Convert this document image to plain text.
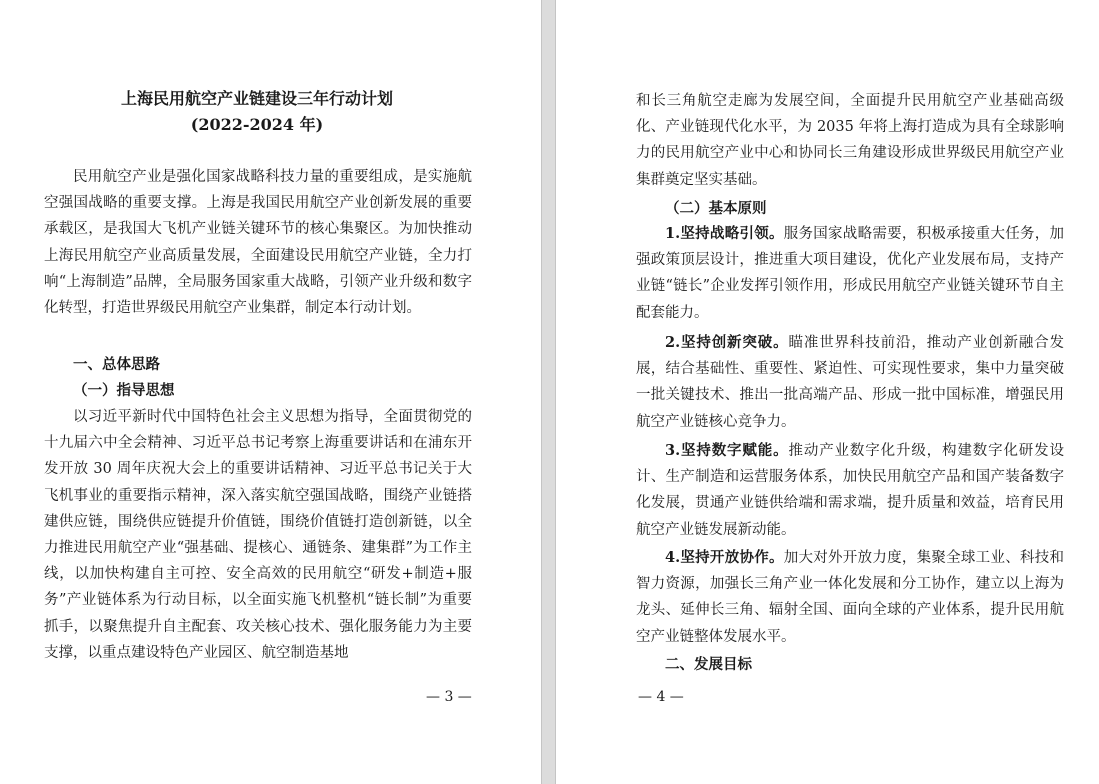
上海民用航空产业链建设三年行动计划
(2022-2024 年)

民用航空产业是强化国家战略科技力量的重要组成，是实施航空强国战略的重要支撑。上海是我国民用航空产业创新发展的重要承载区，是我国大飞机产业链关键环节的核心集聚区。为加快推动上海民用航空产业高质量发展，全面建设民用航空产业链，全力打响“上海制造”品牌，全局服务国家重大战略，引领产业升级和数字化转型，打造世界级民用航空产业集群，制定本行动计划。

一、总体思路
（一）指导思想

以习近平新时代中国特色社会主义思想为指导，全面贯彻党的十九届六中全会精神、习近平总书记考察上海重要讲话和在浦东开发开放 30 周年庆祝大会上的重要讲话精神、习近平总书记关于大飞机事业的重要指示精神，深入落实航空强国战略，围绕产业链搭建供应链，围绕供应链提升价值链，围绕价值链打造创新链，以全力推进民用航空产业“强基础、提核心、通链条、建集群”为工作主线，以加快构建自主可控、安全高效的民用航空“研发+制造+服务”产业链体系为行动目标，以全面实施飞机整机“链长制”为重要抓手，以聚焦提升自主配套、攻关核心技术、强化服务能力为主要支撑，以重点建设特色产业园区、航空制造基地

— 3 —

和长三角航空走廊为发展空间，全面提升民用航空产业基础高级化、产业链现代化水平，为 2035 年将上海打造成为具有全球影响力的民用航空产业中心和协同长三角建设形成世界级民用航空产业集群奠定坚实基础。

（二）基本原则

1.坚持战略引领。服务国家战略需要，积极承接重大任务，加强政策顶层设计，推进重大项目建设，优化产业发展布局，支持产业链“链长”企业发挥引领作用，形成民用航空产业链关键环节自主配套能力。

2.坚持创新突破。瞄准世界科技前沿，推动产业创新融合发展，结合基础性、重要性、紧迫性、可实现性要求，集中力量突破一批关键技术、推出一批高端产品、形成一批中国标准，增强民用航空产业链核心竞争力。

3.坚持数字赋能。推动产业数字化升级，构建数字化研发设计、生产制造和运营服务体系，加快民用航空产品和国产装备数字化发展，贯通产业链供给端和需求端，提升质量和效益，培育民用航空产业链发展新动能。

4.坚持开放协作。加大对外开放力度，集聚全球工业、科技和智力资源，加强长三角产业一体化发展和分工协作，建立以上海为龙头、延伸长三角、辐射全国、面向全球的产业体系，提升民用航空产业链整体发展水平。

二、发展目标
— 4 —
